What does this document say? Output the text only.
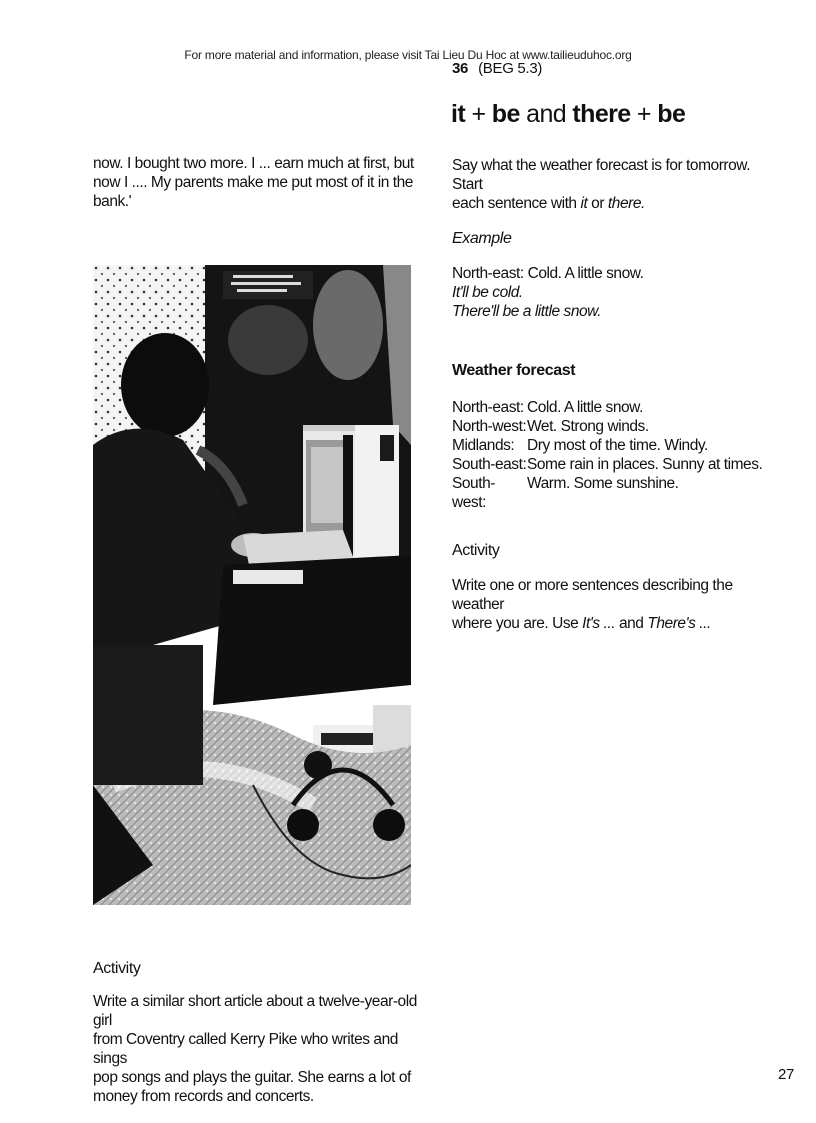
For more material and information, please visit Tai Lieu Du Hoc at www.tailieuduhoc.org
36 (BEG 5.3)
it + be and there + be
now. I bought two more. I ... earn much at first, but
now I .... My parents make me put most of it in the
bank.'
Activity
Write a similar short article about a twelve-year-old girl
from Coventry called Kerry Pike who writes and sings
pop songs and plays the guitar. She earns a lot of
money from records and concerts.
Say what the weather forecast is for tomorrow. Start
each sentence with it or there.
Example
North-east: Cold. A little snow.
It'll be cold.
There'll be a little snow.
Weather forecast
North-east: Cold. A little snow.
North-west: Wet. Strong winds.
Midlands: Dry most of the time. Windy.
South-east: Some rain in places. Sunny at times.
South-west:
Warm. Some sunshine.
Activity
Write one or more sentences describing the weather
where you are. Use It's ... and There's ...
27
